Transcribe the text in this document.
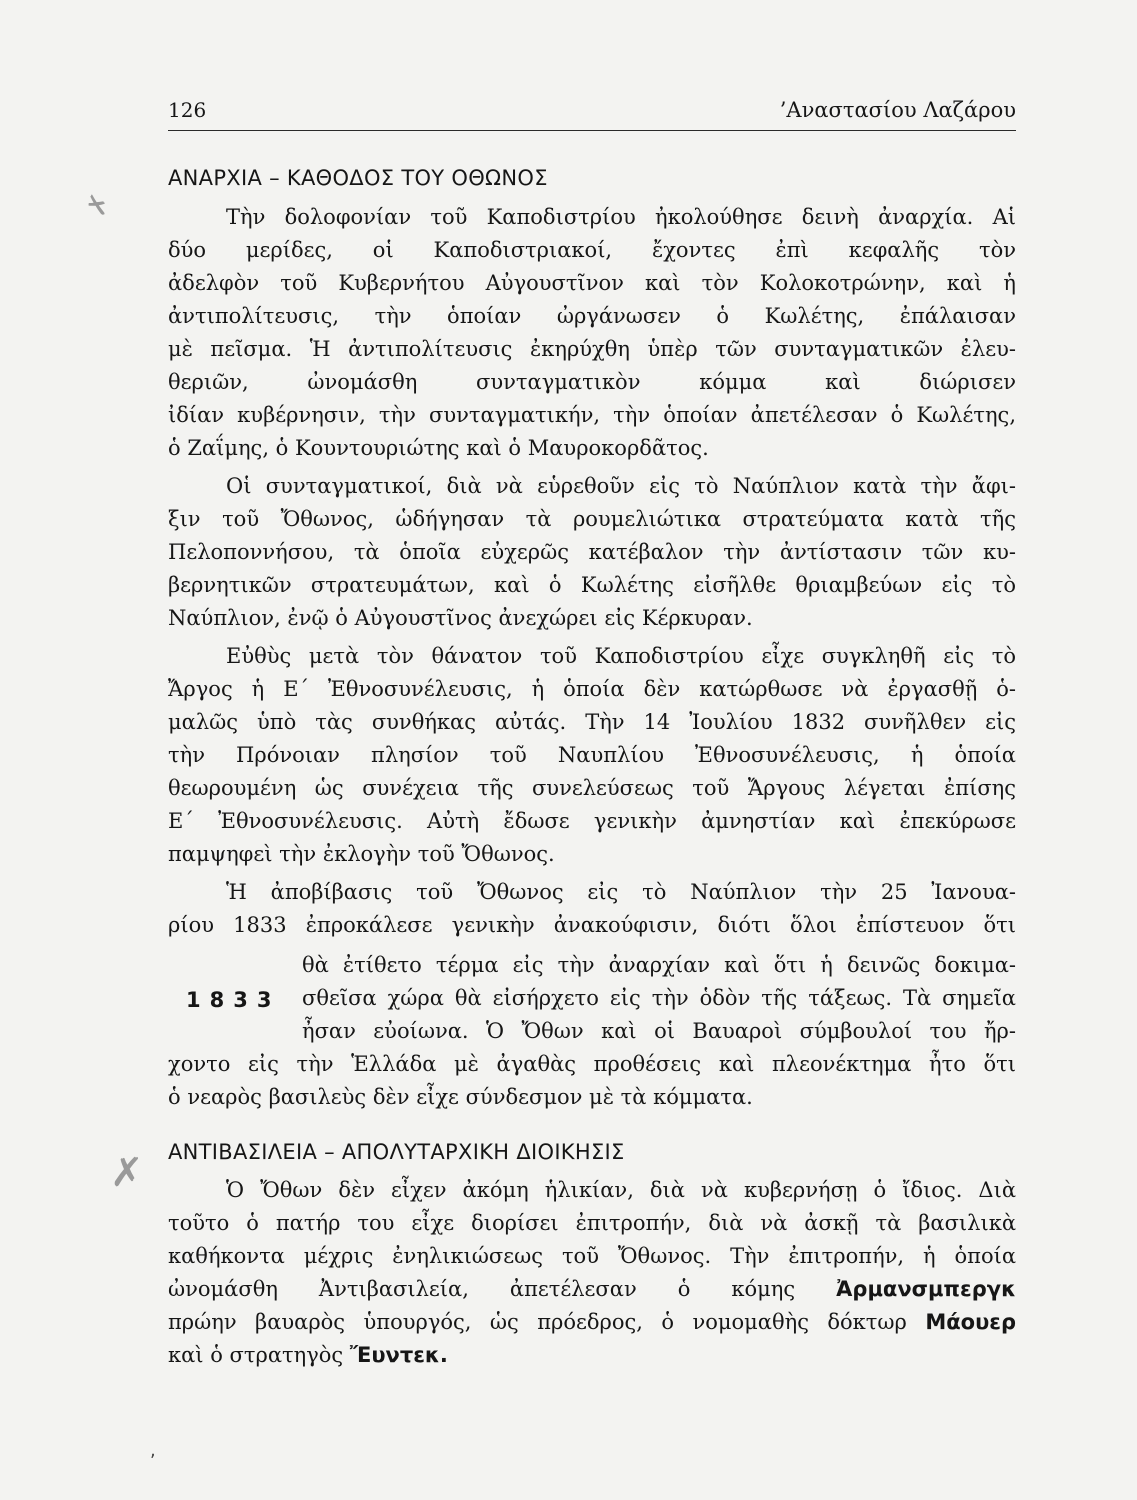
126	’Αναστασίου Λαζάρου
✗
✗
ΑΝΑΡΧΙΑ – ΚΑΘΟΔΟΣ ΤΟΥ ΟΘΩΝΟΣ
Τὴν δολοφονίαν τοῦ Καποδιστρίου ἠκολούθησε δεινὴ ἀναρχία. Αἱ
δύο μερίδες, οἱ Καποδιστριακοί, ἔχοντες ἐπὶ κεφαλῆς τὸν
ἀδελφὸν τοῦ Κυβερνήτου Αὐγουστῖνον καὶ τὸν Κολοκοτρώνην, καὶ ἡ
ἀντιπολίτευσις, τὴν ὁποίαν ὠργάνωσεν ὁ Κωλέτης, ἐπάλαισαν
μὲ πεῖσμα. Ἡ ἀντιπολίτευσις ἐκηρύχθη ὑπὲρ τῶν συνταγματικῶν ἐλευ-
θεριῶν, ὠνομάσθη συνταγματικὸν κόμμα καὶ διώρισεν
ἰδίαν κυβέρνησιν, τὴν συνταγματικήν, τὴν ὁποίαν ἀπετέλεσαν ὁ Κωλέτης,
ὁ Ζαΐμης, ὁ Κουντουριώτης καὶ ὁ Μαυροκορδᾶτος.
Οἱ συνταγματικοί, διὰ νὰ εὑρεθοῦν εἰς τὸ Ναύπλιον κατὰ τὴν ἄφι-
ξιν τοῦ Ὄθωνος, ὡδήγησαν τὰ ρουμελιώτικα στρατεύματα κατὰ τῆς
Πελοποννήσου, τὰ ὁποῖα εὐχερῶς κατέβαλον τὴν ἀντίστασιν τῶν κυ-
βερνητικῶν στρατευμάτων, καὶ ὁ Κωλέτης εἰσῆλθε θριαμβεύων εἰς τὸ
Ναύπλιον, ἐνῷ ὁ Αὐγουστῖνος ἀνεχώρει εἰς Κέρκυραν.
Εὐθὺς μετὰ τὸν θάνατον τοῦ Καποδιστρίου εἶχε συγκληθῆ εἰς τὸ
Ἄργος ἡ Ε΄ Ἐθνοσυνέλευσις, ἡ ὁποία δὲν κατώρθωσε νὰ ἐργασθῇ ὁ-
μαλῶς ὑπὸ τὰς συνθήκας αὐτάς. Τὴν 14 Ἰουλίου 1832 συνῆλθεν εἰς
τὴν Πρόνοιαν πλησίον τοῦ Ναυπλίου Ἐθνοσυνέλευσις, ἡ ὁποία
θεωρουμένη ὡς συνέχεια τῆς συνελεύσεως τοῦ Ἄργους λέγεται ἐπίσης
Ε΄ Ἐθνοσυνέλευσις. Αὐτὴ ἔδωσε γενικὴν ἀμνηστίαν καὶ ἐπεκύρωσε
παμψηφεὶ τὴν ἐκλογὴν τοῦ Ὄθωνος.
Ἡ ἀποβίβασις τοῦ Ὄθωνος εἰς τὸ Ναύπλιον τὴν 25 Ἰανουα-
ρίου 1833 ἐπροκάλεσε γενικὴν ἀνακούφισιν, διότι ὅλοι ἐπίστευον ὅτι
θὰ ἐτίθετο τέρμα εἰς τὴν ἀναρχίαν καὶ ὅτι ἡ δεινῶς δοκιμα-
1833 σθεῖσα χώρα θὰ εἰσήρχετο εἰς τὴν ὁδὸν τῆς τάξεως. Τὰ σημεῖα
ἦσαν εὐοίωνα. Ὁ Ὄθων καὶ οἱ Βαυαροὶ σύμβουλοί του ἤρ-
χοντο εἰς τὴν Ἑλλάδα μὲ ἀγαθὰς προθέσεις καὶ πλεονέκτημα ἦτο ὅτι
ὁ νεαρὸς βασιλεὺς δὲν εἶχε σύνδεσμον μὲ τὰ κόμματα.
ΑΝΤΙΒΑΣΙΛΕΙΑ – ΑΠΟΛΥΤΑΡΧΙΚΗ ΔΙΟΙΚΗΣΙΣ
Ὁ Ὄθων δὲν εἶχεν ἀκόμη ἡλικίαν, διὰ νὰ κυβερνήσῃ ὁ ἴδιος. Διὰ
τοῦτο ὁ πατήρ του εἶχε διορίσει ἐπιτροπήν, διὰ νὰ ἀσκῇ τὰ βασιλικὰ
καθήκοντα μέχρις ἐνηλικιώσεως τοῦ Ὄθωνος. Τὴν ἐπιτροπήν, ἡ ὁποία
ὠνομάσθη Ἀντιβασιλεία, ἀπετέλεσαν ὁ κόμης Ἀρμανσμπεργκ
πρώην βαυαρὸς ὑπουργός, ὡς πρόεδρος, ὁ νομομαθὴς δόκτωρ Μάουερ
καὶ ὁ στρατηγὸς Ἔυντεκ.
,
